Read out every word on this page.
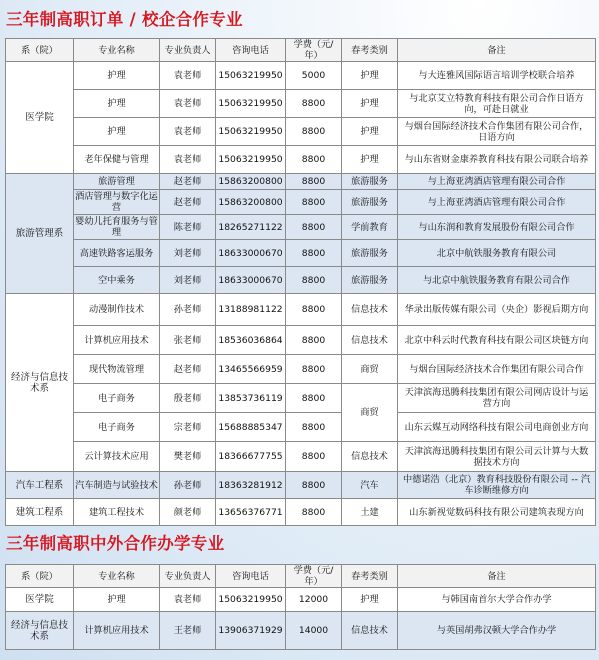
三年制高职订单 / 校企合作专业
系（院）	专业名称	专业负责人	咨询电话	学费（元/年）	春考类别	备注
医学院	护理	袁老师	15063219950	5000	护理	与大连雅风国际语言培训学校联合培养
	护理	袁老师	15063219950	8800	护理	与北京艾立特教育科技有限公司合作日语方向，可赴日就业
	护理	袁老师	15063219950	8800	护理	与烟台国际经济技术合作集团有限公司合作，日语方向
	老年保健与管理	袁老师	15063219950	8800	护理	与山东省财金康养教育科技有限公司联合培养
旅游管理系	旅游管理	赵老师	15863200800	8800	旅游服务	与上海亚湾酒店管理有限公司合作
	酒店管理与数字化运营	赵老师	15863200800	8800	旅游服务	与上海亚湾酒店管理有限公司合作
	婴幼儿托育服务与管理	陈老师	18265271122	8800	学前教育	与山东润和教育发展股份有限公司合作
	高速铁路客运服务	刘老师	18633000670	8800	旅游服务	北京中航铁服务教育有限公司
	空中乘务	刘老师	18633000670	8800	旅游服务	与北京中航铁服务教育有限公司合作
经济与信息技术系	动漫制作技术	孙老师	13188981122	8800	信息技术	华录出版传媒有限公司（央企）影视后期方向
	计算机应用技术	张老师	18536036864	8800	信息技术	北京中科云时代教育科技有限公司区块链方向
	现代物流管理	赵老师	13465566959	8800	商贸	与烟台国际经济技术合作集团有限公司合作
	电子商务	殷老师	13853736119	8800	商贸	天津滨海迅腾科技集团有限公司网店设计与运营方向
	电子商务	宗老师	15688885347	8800		山东云媒互动网络科技有限公司电商创业方向
	云计算技术应用	樊老师	18366677755	8800	信息技术	天津滨海迅腾科技集团有限公司云计算与大数据技术方向
汽车工程系	汽车制造与试验技术	孙老师	18363281912	8800	汽车	中德诺浩（北京）教育科技股份有限公司 -- 汽车诊断维修方向
建筑工程系	建筑工程技术	颜老师	13656376771	8800	土建	山东新视觉数码科技有限公司建筑表现方向
三年制高职中外合作办学专业
系（院）	专业名称	专业负责人	咨询电话	学费（元/年）	春考类别	备注
医学院	护理	袁老师	15063219950	12000	护理	与韩国南首尔大学合作办学
经济与信息技术系	计算机应用技术	王老师	13906371929	14000	信息技术	与英国胡弗汉顿大学合作办学
